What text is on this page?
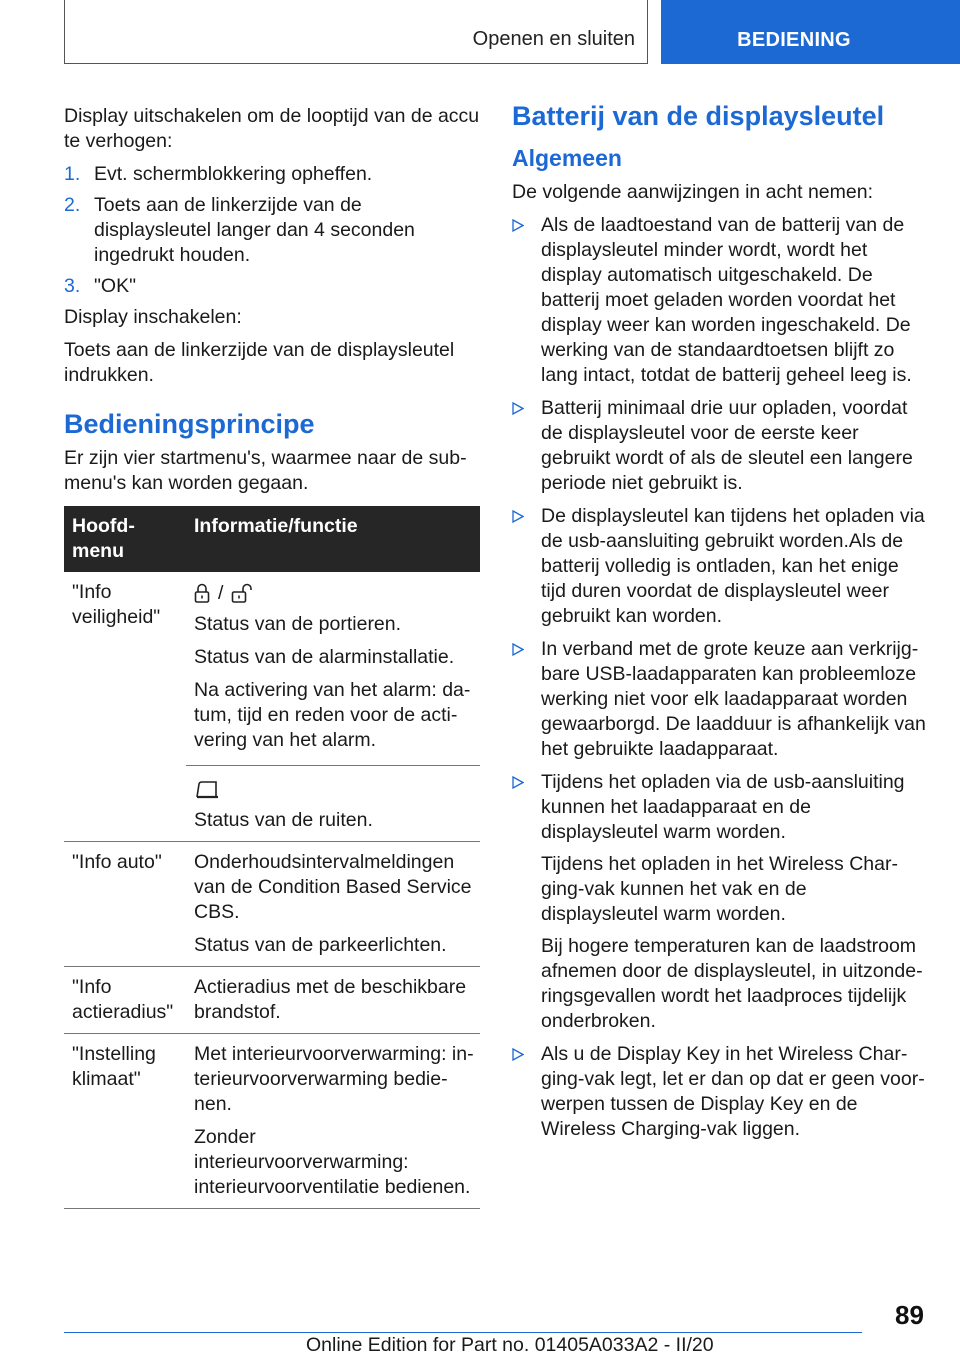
Openen en sluiten	BEDIENING

Display uitschakelen om de looptijd van de accu te verhogen:

1. Evt. schermblokkering opheffen.
2. Toets aan de linkerzijde van de displaysleutel langer dan 4 seconden ingedrukt houden.
3. "OK"

Display inschakelen:

Toets aan de linkerzijde van de displaysleutel indrukken.

Bedieningsprincipe

Er zijn vier startmenu's, waarmee naar de submenu's kan worden gegaan.

Hoofdmenu	Informatie/functie
"Info veiligheid"	/

Status van de portieren.

Status van de alarminstallatie.

Na activering van het alarm: datum, tijd en reden voor de activering van het alarm.

Status van de ruiten.

"Info auto"	Onderhoudsintervalmeldingen van de Condition Based Service CBS.

Status van de parkeerlichten.

"Info actieradius"	Actieradius met de beschikbare brandstof.

"Instelling klimaat"	Met interieurvoorverwarming: interieurvoorverwarming bedienen.

Zonder interieurvoorverwarming: interieurvoorventilatie bedienen.

Batterij van de displaysleutel
Algemeen

De volgende aanwijzingen in acht nemen:

Als de laadtoestand van de batterij van de displaysleutel minder wordt, wordt het display automatisch uitgeschakeld. De batterij moet geladen worden voordat het display weer kan worden ingeschakeld. De werking van de standaardtoetsen blijft zo lang intact, totdat de batterij geheel leeg is.

Batterij minimaal drie uur opladen, voordat de displaysleutel voor de eerste keer gebruikt wordt of als de sleutel een langere periode niet gebruikt is.

De displaysleutel kan tijdens het opladen via de usb-aansluiting gebruikt worden.Als de batterij volledig is ontladen, kan het enige tijd duren voordat de displaysleutel weer gebruikt kan worden.

In verband met de grote keuze aan verkrijgbare USB-laadapparaten kan probleemloze werking niet voor elk laadapparaat worden gewaarborgd. De laadduur is afhankelijk van het gebruikte laadapparaat.

Tijdens het opladen via de usb-aansluiting kunnen het laadapparaat en de displaysleutel warm worden.

Tijdens het opladen in het Wireless Charging-vak kunnen het vak en de displaysleutel warm worden.

Bij hogere temperaturen kan de laadstroom afnemen door de displaysleutel, in uitzonderingsgevallen wordt het laadproces tijdelijk onderbroken.

Als u de Display Key in het Wireless Charging-vak legt, let er dan op dat er geen voorwerpen tussen de Display Key en de Wireless Charging-vak liggen.

89
Online Edition for Part no. 01405A033A2 - II/20
